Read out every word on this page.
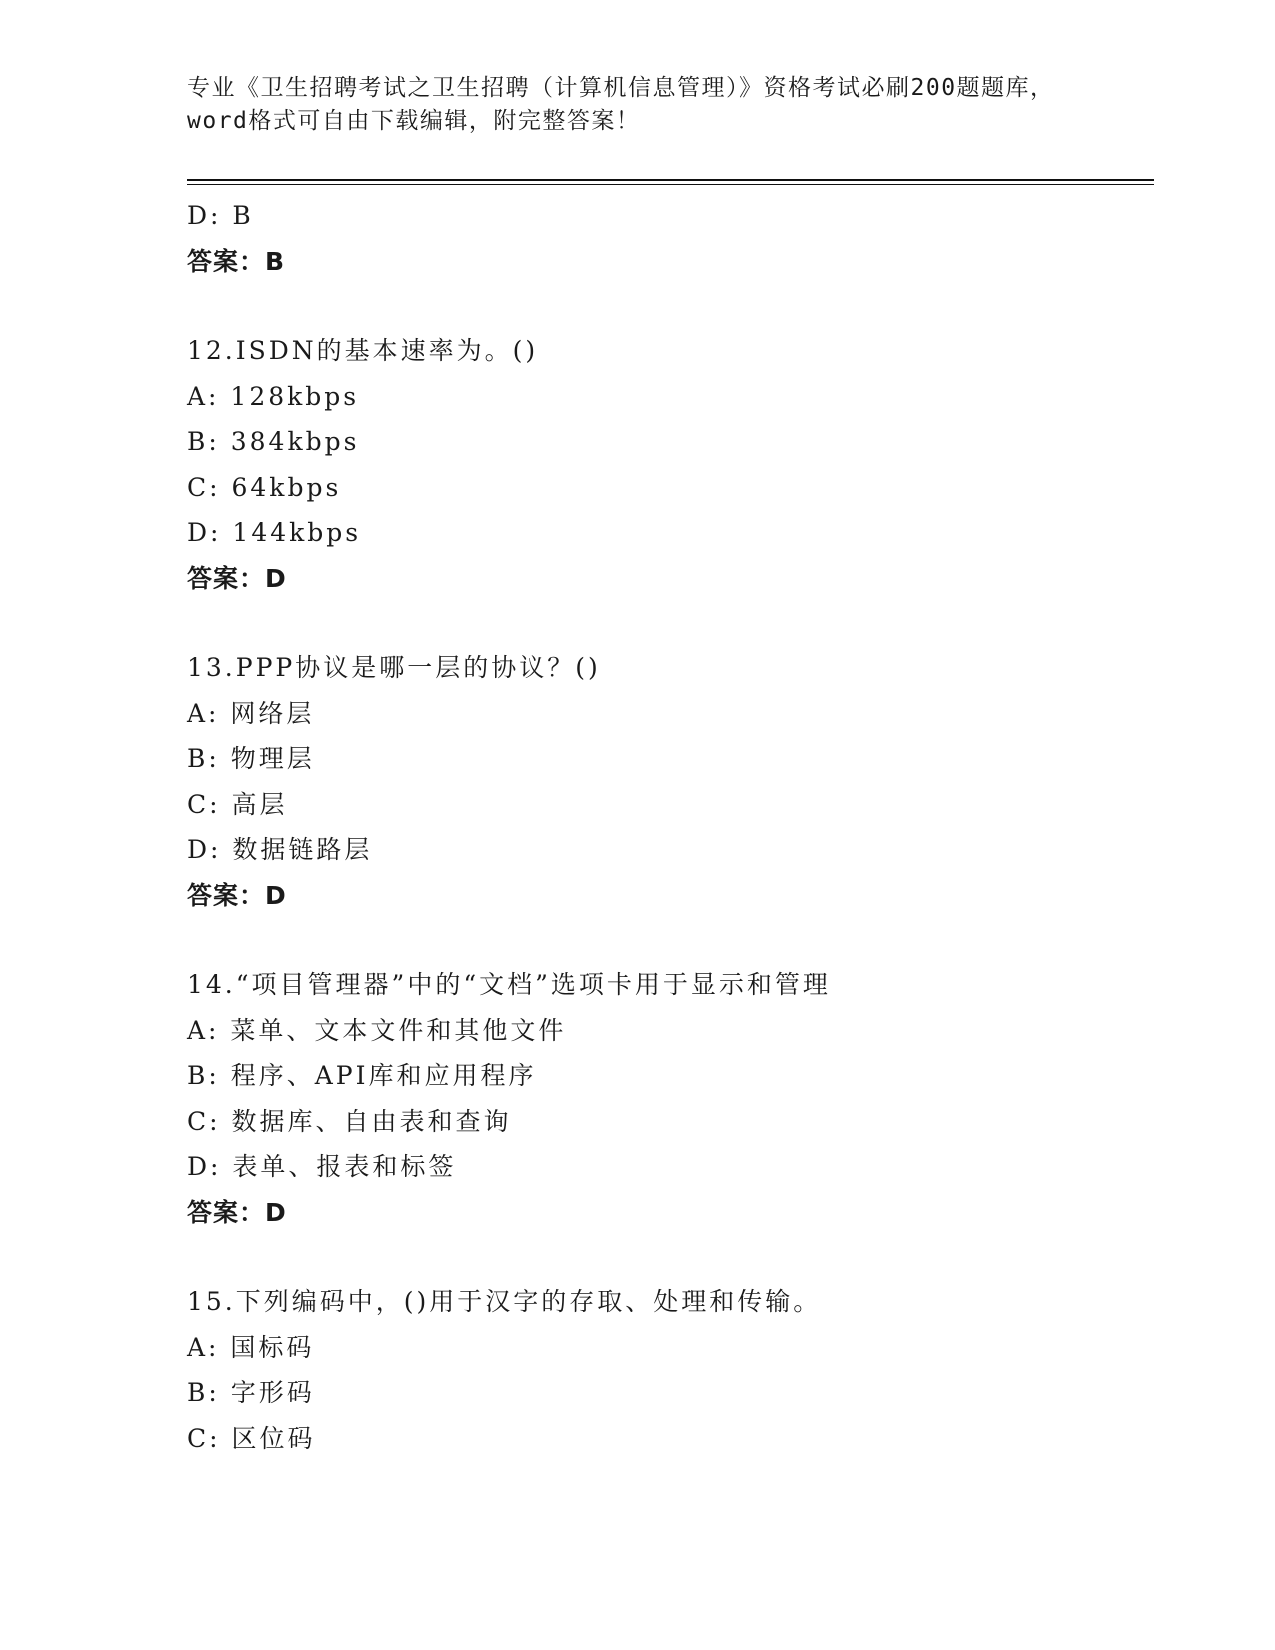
专业《卫生招聘考试之卫生招聘（计算机信息管理）》资格考试必刷200题题库，
word格式可自由下载编辑，附完整答案！
D: B
答案：B
12.ISDN的基本速率为。()
A: 128kbps
B: 384kbps
C: 64kbps
D: 144kbps
答案：D
13.PPP协议是哪一层的协议？()
A: 网络层
B: 物理层
C: 高层
D: 数据链路层
答案：D
14.“项目管理器”中的“文档”选项卡用于显示和管理
A: 菜单、文本文件和其他文件
B: 程序、API库和应用程序
C: 数据库、自由表和查询
D: 表单、报表和标签
答案：D
15.下列编码中，()用于汉字的存取、处理和传输。
A: 国标码
B: 字形码
C: 区位码
